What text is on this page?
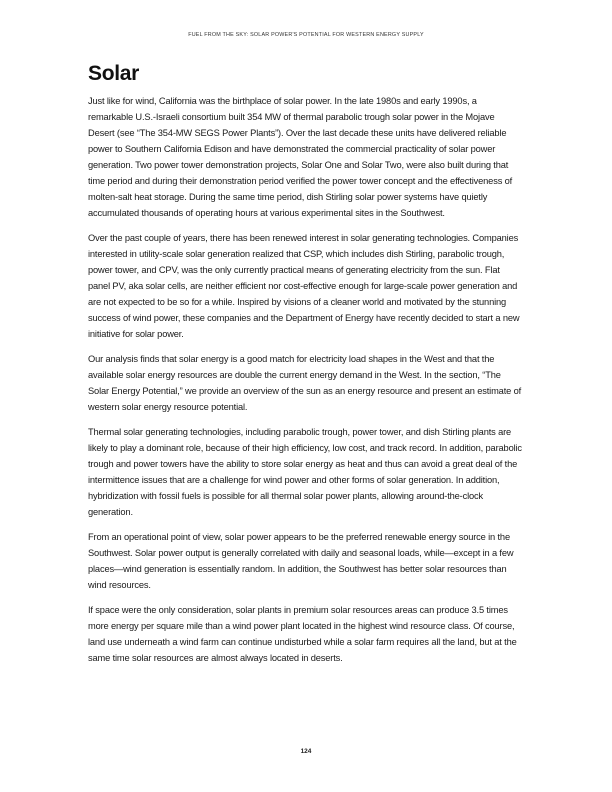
FUEL FROM THE SKY: SOLAR POWER'S POTENTIAL FOR WESTERN ENERGY SUPPLY
Solar

Just like for wind, California was the birthplace of solar power. In the late 1980s and early 1990s, a remarkable U.S.-Israeli consortium built 354 MW of thermal parabolic trough solar power in the Mojave Desert (see “The 354-MW SEGS Power Plants”). Over the last decade these units have delivered reliable power to Southern California Edison and have demonstrated the commercial practicality of solar power generation. Two power tower demonstration projects, Solar One and Solar Two, were also built during that time period and during their demonstration period verified the power tower concept and the effectiveness of molten-salt heat storage. During the same time period, dish Stirling solar power systems have quietly accumulated thousands of operating hours at various experimental sites in the Southwest.

Over the past couple of years, there has been renewed interest in solar generating technologies. Companies interested in utility-scale solar generation realized that CSP, which includes dish Stirling, parabolic trough, power tower, and CPV, was the only currently practical means of generating electricity from the sun. Flat panel PV, aka solar cells, are neither efficient nor cost-effective enough for large-scale power generation and are not expected to be so for a while. Inspired by visions of a cleaner world and motivated by the stunning success of wind power, these companies and the Department of Energy have recently decided to start a new initiative for solar power.

Our analysis finds that solar energy is a good match for electricity load shapes in the West and that the available solar energy resources are double the current energy demand in the West. In the section, “The Solar Energy Potential,” we provide an overview of the sun as an energy resource and present an estimate of western solar energy resource potential.

Thermal solar generating technologies, including parabolic trough, power tower, and dish Stirling plants are likely to play a dominant role, because of their high efficiency, low cost, and track record. In addition, parabolic trough and power towers have the ability to store solar energy as heat and thus can avoid a great deal of the intermittence issues that are a challenge for wind power and other forms of solar generation. In addition, hybridization with fossil fuels is possible for all thermal solar power plants, allowing around-the-clock generation.

From an operational point of view, solar power appears to be the preferred renewable energy source in the Southwest. Solar power output is generally correlated with daily and seasonal loads, while—except in a few places—wind generation is essentially random. In addition, the Southwest has better solar resources than wind resources.

If space were the only consideration, solar plants in premium solar resources areas can produce 3.5 times more energy per square mile than a wind power plant located in the highest wind resource class. Of course, land use underneath a wind farm can continue undisturbed while a solar farm requires all the land, but at the same time solar resources are almost always located in deserts.

124
